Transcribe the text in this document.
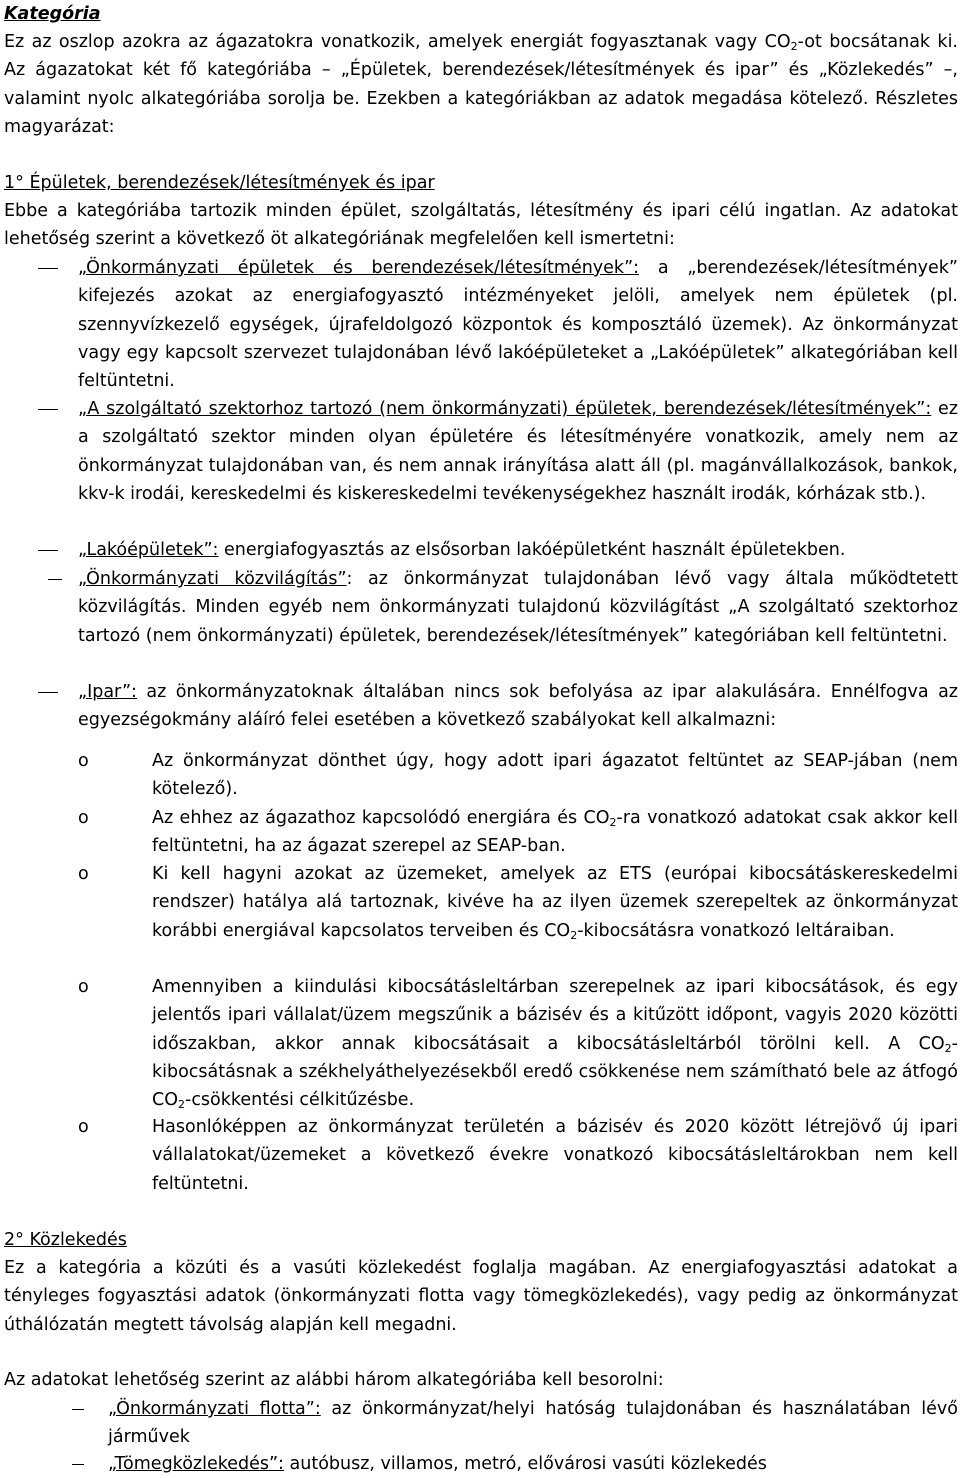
Kategória

Ez az oszlop azokra az ágazatokra vonatkozik, amelyek energiát fogyasztanak vagy $CO_2-ot$ bocsátanak ki. Az ágazatokat két fő kategóriába – „Épületek, berendezések/létesítmények és ipar” és „Közlekedés” –, valamint nyolc alkategóriába sorolja be. Ezekben a kategóriákban az adatok megadása kötelező. Részletes magyarázat:

1° Épületek, berendezések/létesítmények és ipar

Ebbe a kategóriába tartozik minden épület, szolgáltatás, létesítmény és ipari célú ingatlan. Az adatokat lehetőség szerint a következő öt alkategóriának megfelelően kell ismertetni:

„Önkormányzati épületek és berendezések/létesítmények”: a „berendezések/létesítmények” kifejezés azokat az energiafogyasztó intézményeket jelöli, amelyek nem épületek (pl. szennyvízkezelő egységek, újrafeldolgozó központok és komposztáló üzemek). Az önkormányzat vagy egy kapcsolt szervezet tulajdonában lévő lakóépületeket a „Lakóépületek” alkategóriában kell feltüntetni.

„A szolgáltató szektorhoz tartozó (nem önkormányzati) épületek, berendezések/létesítmények”: ez a szolgáltató szektor minden olyan épületére és létesítményére vonatkozik, amely nem az önkormányzat tulajdonában van, és nem annak irányítása alatt áll (pl. magánvállalkozások, bankok, kkv-k irodái, kereskedelmi és kiskereskedelmi tevékenységekhez használt irodák, kórházak stb.).

„Lakóépületek”: energiafogyasztás az elsősorban lakóépületként használt épületekben.

„Önkormányzati közvilágítás”: az önkormányzat tulajdonában lévő vagy általa működtetett közvilágítás. Minden egyéb nem önkormányzati tulajdonú közvilágítást „A szolgáltató szektorhoz tartozó (nem önkormányzati) épületek, berendezések/létesítmények” kategóriában kell feltüntetni.

„Ipar”: az önkormányzatoknak általában nincs sok befolyása az ipar alakulására. Ennélfogva az egyezségokmány aláíró felei esetében a következő szabályokat kell alkalmazni:

o	Az önkormányzat dönthet úgy, hogy adott ipari ágazatot feltüntet az SEAP-jában (nem kötelező).

o	Az ehhez az ágazathoz kapcsolódó energiára és $CO_2-ra$ vonatkozó adatokat csak akkor kell feltüntetni, ha az ágazat szerepel az SEAP-ban.

o	Ki kell hagyni azokat az üzemeket, amelyek az ETS (európai kibocsátáskereskedelmi rendszer) hatálya alá tartoznak, kivéve ha az ilyen üzemek szerepeltek az önkormányzat korábbi energiával kapcsolatos terveiben és $CO_2$-kibocsátásra vonatkozó leltáraiban.

o	Amennyiben a kiindulási kibocsátásleltárban szerepelnek az ipari kibocsátások, és egy jelentős ipari vállalat/üzem megszűnik a bázisév és a kitűzött időpont, vagyis 2020 közötti időszakban, akkor annak kibocsátásait a kibocsátásleltárból törölni kell. A $CO_2$-kibocsátásnak a székhelyáthelyezésekből eredő csökkenése nem számítható bele az átfogó $CO_2$-csökkentési célkitűzésbe.

o	Hasonlóképpen az önkormányzat területén a bázisév és 2020 között létrejövő új ipari vállalatokat/üzemeket a következő évekre vonatkozó kibocsátásleltárokban nem kell feltüntetni.

2° Közlekedés

Ez a kategória a közúti és a vasúti közlekedést foglalja magában. Az energiafogyasztási adatokat a tényleges fogyasztási adatok (önkormányzati flotta vagy tömegközlekedés), vagy pedig az önkormányzat úthálózatán megtett távolság alapján kell megadni.

Az adatokat lehetőség szerint az alábbi három alkategóriába kell besorolni:

„Önkormányzati flotta”: az önkormányzat/helyi hatóság tulajdonában és használatában lévő járművek

„Tömegközlekedés”: autóbusz, villamos, metró, elővárosi vasúti közlekedés
